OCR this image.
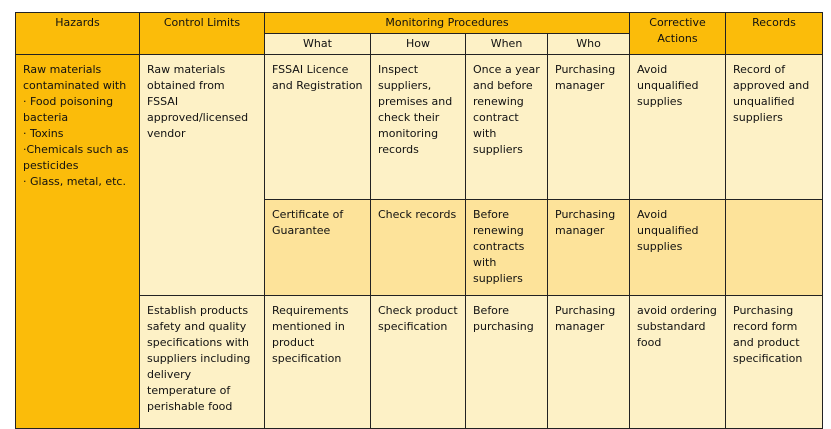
Hazards	Control Limits	Monitoring Procedures				Corrective Actions	Records
		What	How	When	Who		

Raw materials contaminated with
· Food poisoning bacteria
· Toxins
·Chemicals such as pesticides
· Glass, metal, etc.	Raw materials obtained from FSSAI approved/licensed vendor	FSSAI Licence and Registration	Inspect suppliers, premises and check their monitoring records	Once a year and before renewing contract with suppliers	Purchasing manager	Avoid unqualified supplies	Record of approved and unqualified suppliers
		Certificate of Guarantee	Check records	Before renewing contracts with suppliers	Purchasing manager	Avoid unqualified supplies	
	Establish products safety and quality specifications with suppliers including delivery temperature of perishable food	Requirements mentioned in product specification	Check product specification	Before purchasing	Purchasing manager	avoid ordering substandard food	Purchasing record form and product specification
